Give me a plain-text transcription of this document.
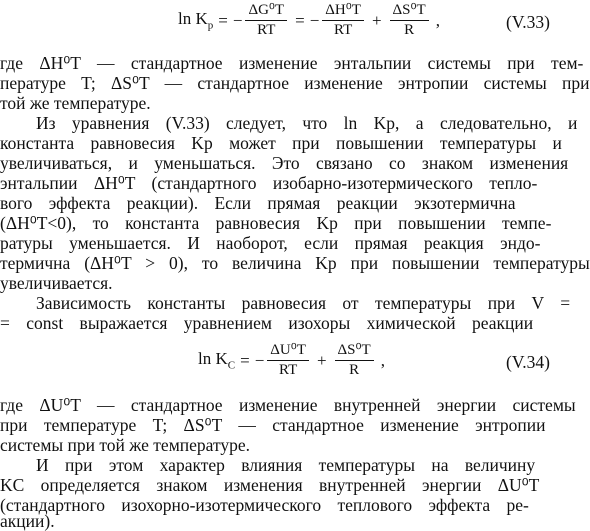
$\ln K_p$ = − $\frac{\text{ΔG⁰T}}{RT}$ = − $\frac{\text{ΔH⁰T}}{RT} + \frac{\text{ΔS⁰T}}{R}$ ,	(V.33)
где ΔH⁰T — стандартное изменение энтальпии системы при тем-
пературе T; ΔS⁰T — стандартное изменение энтропии системы при
той же температуре.
Из уравнения (V.33) следует, что ln Kp, а следовательно, и
константа равновесия Kp может при повышении температуры и
увеличиваться, и уменьшаться. Это связано со знаком изменения
энтальпии ΔH⁰T (стандартного изобарно-изотермического тепло-
вого эффекта реакции). Если прямая реакции экзотермична
(ΔH⁰T<0), то константа равновесия Kp при повышении темпе-
ратуры уменьшается. И наоборот, если прямая реакция эндо-
термична (ΔH⁰T > 0), то величина Kp при повышении температуры
увеличивается.
Зависимость константы равновесия от температуры при V =
= const выражается уравнением изохоры химической реакции
$\ln K_C$ = − $\frac{\text{ΔU⁰T}}{RT} + \frac{\text{ΔS⁰T}}{R}$ ,	(V.34)
где ΔU⁰T — стандартное изменение внутренней энергии системы
при температуре T; ΔS⁰T — стандартное изменение энтропии
системы при той же температуре.
И при этом характер влияния температуры на величину
KC определяется знаком изменения внутренней энергии ΔU⁰T
(стандартного изохорно-изотермического теплового эффекта ре-
акции).
